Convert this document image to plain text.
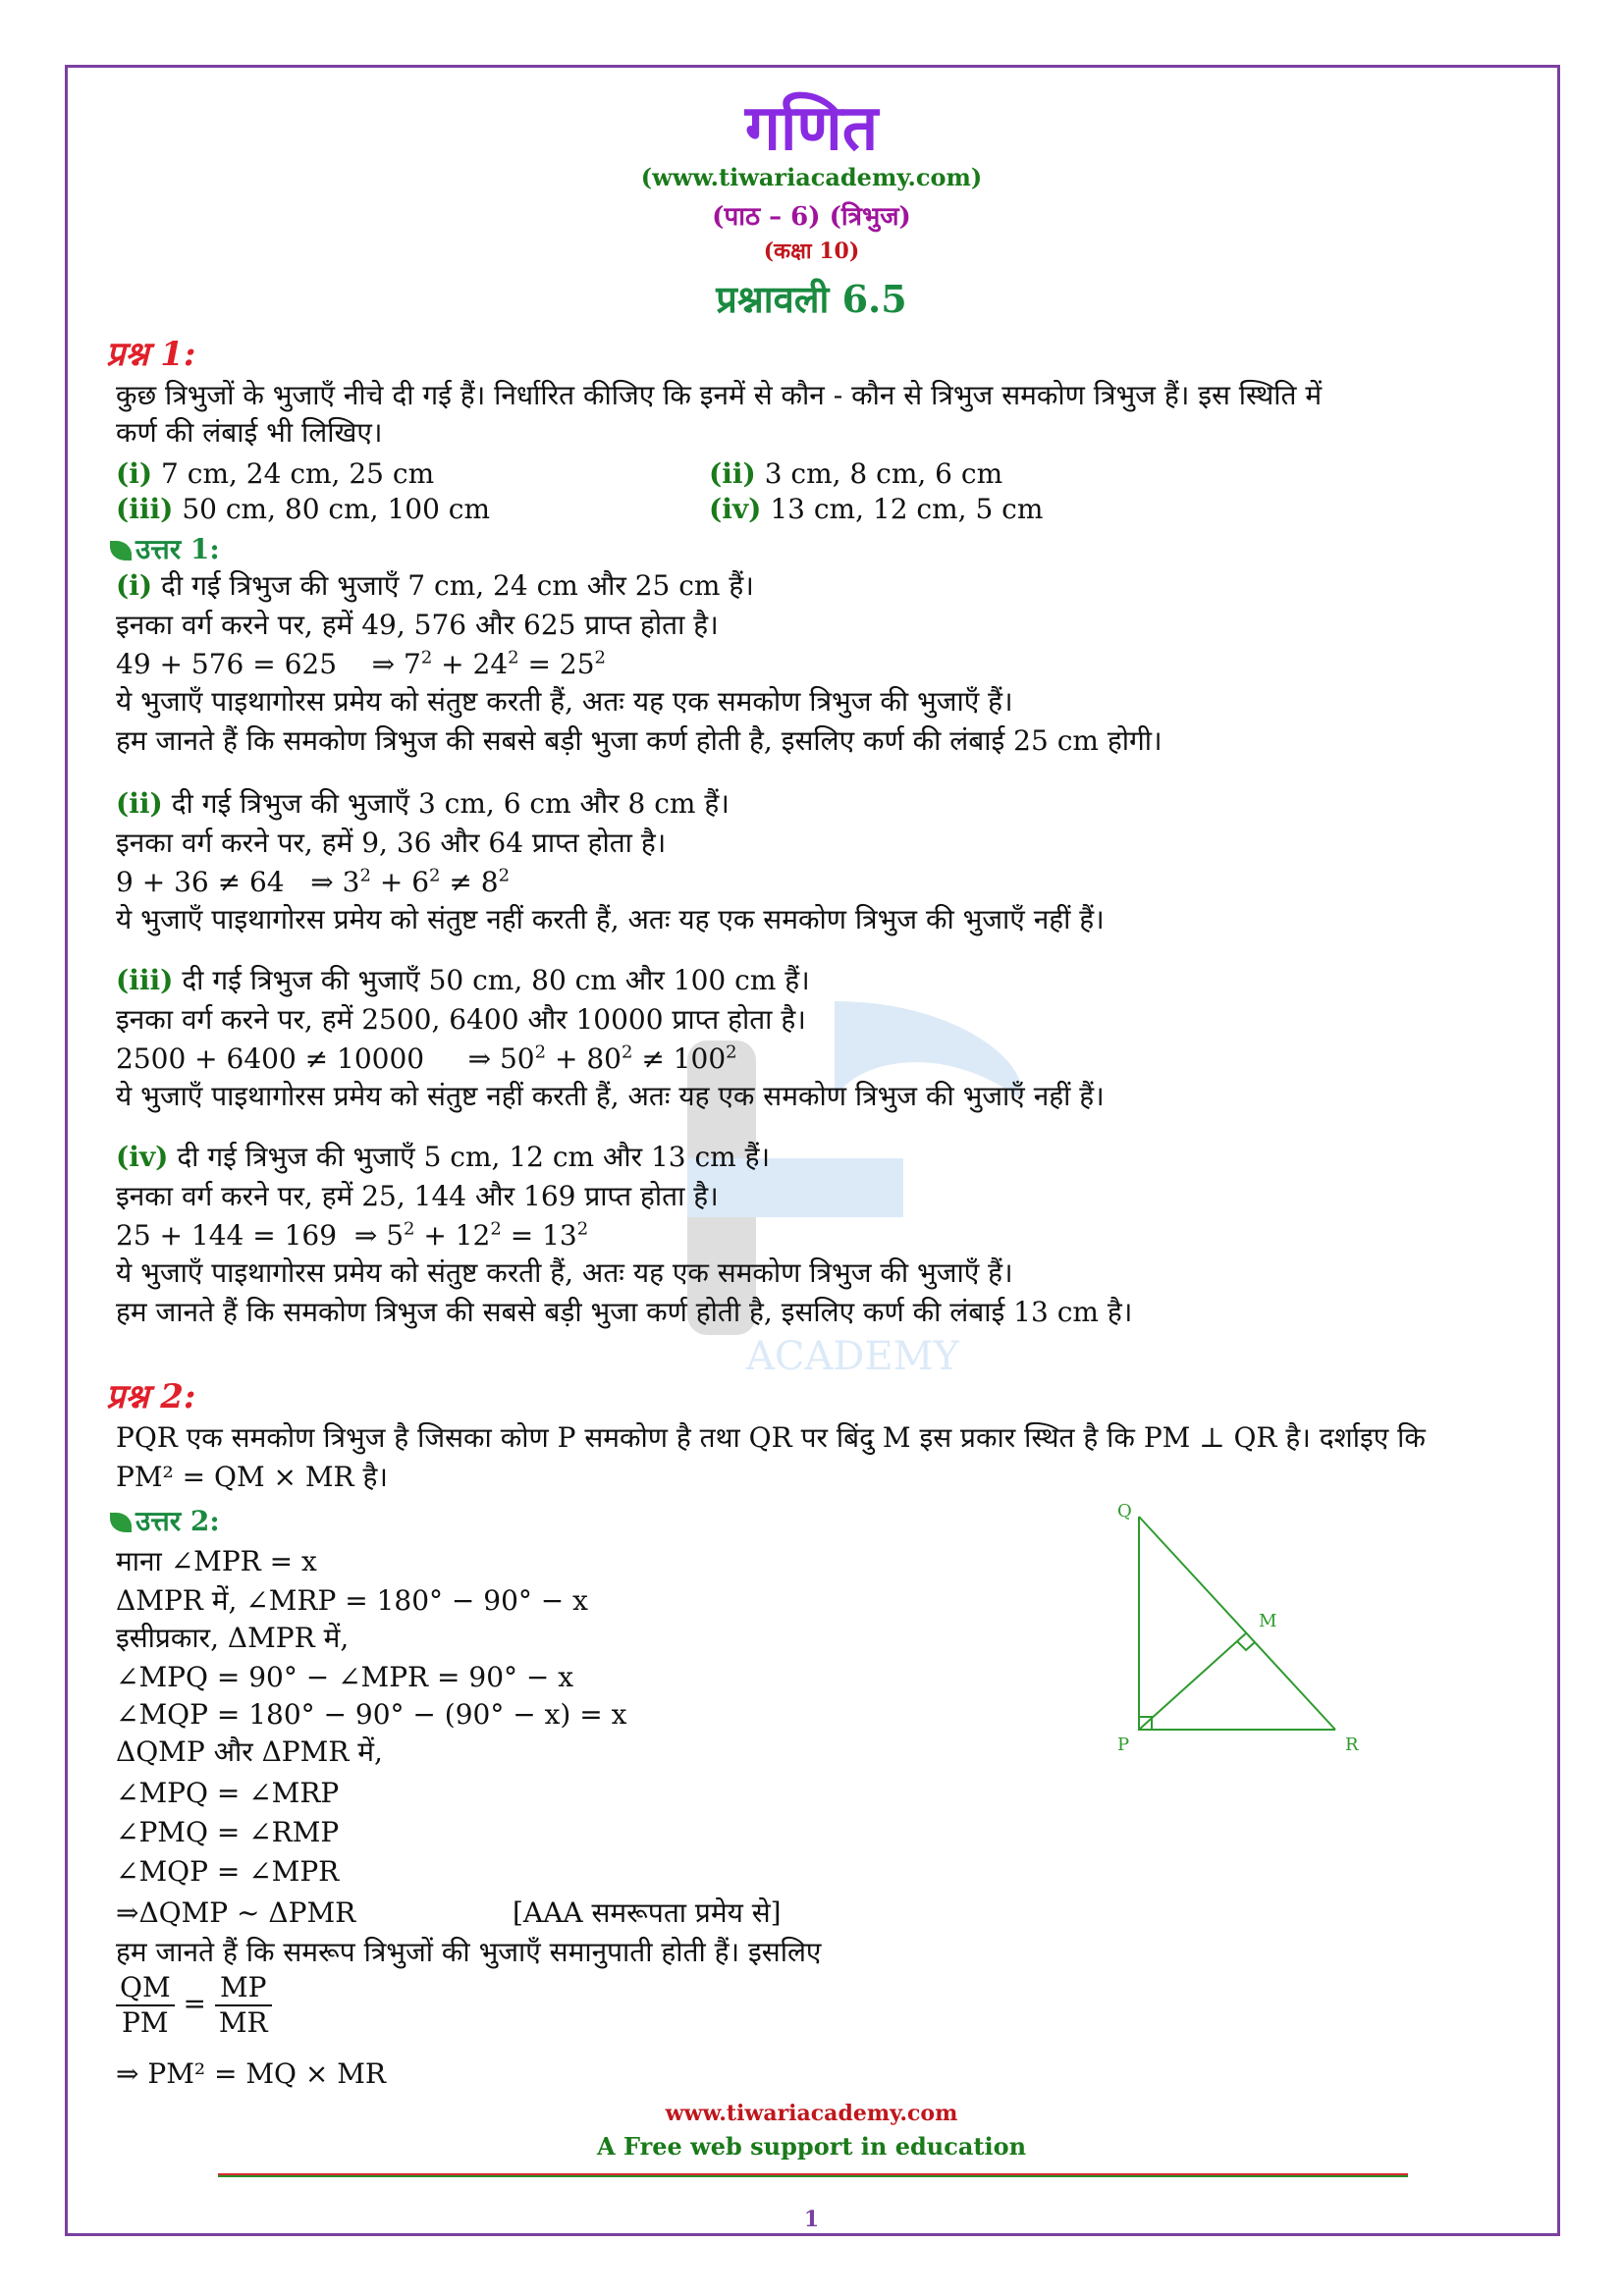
ACADEMY
गणित
(www.tiwariacademy.com)
(पाठ – 6) (त्रिभुज)
(कक्षा 10)
प्रश्नावली 6.5
प्रश्न 1:
कुछ त्रिभुजों के भुजाएँ नीचे दी गई हैं। निर्धारित कीजिए कि इनमें से कौन - कौन से त्रिभुज समकोण त्रिभुज हैं। इस स्थिति में
कर्ण की लंबाई भी लिखिए।
(i) 7 cm, 24 cm, 25 cm	(ii) 3 cm, 8 cm, 6 cm
(iii) 50 cm, 80 cm, 100 cm	(iv) 13 cm, 12 cm, 5 cm
उत्तर 1:
(i) दी गई त्रिभुज की भुजाएँ 7 cm, 24 cm और 25 cm हैं।
इनका वर्ग करने पर, हमें 49, 576 और 625 प्राप्त होता है।
49 + 576 = 625    ⇒ $7^2 + 24^2 = 25^2$
ये भुजाएँ पाइथागोरस प्रमेय को संतुष्ट करती हैं, अतः यह एक समकोण त्रिभुज की भुजाएँ हैं।
हम जानते हैं कि समकोण त्रिभुज की सबसे बड़ी भुजा कर्ण होती है, इसलिए कर्ण की लंबाई 25 cm होगी।
(ii) दी गई त्रिभुज की भुजाएँ 3 cm, 6 cm और 8 cm हैं।
इनका वर्ग करने पर, हमें 9, 36 और 64 प्राप्त होता है।
9 + 36 ≠ 64   ⇒ $3^2 + 6^2 \ne 8^2$
ये भुजाएँ पाइथागोरस प्रमेय को संतुष्ट नहीं करती हैं, अतः यह एक समकोण त्रिभुज की भुजाएँ नहीं हैं।
(iii) दी गई त्रिभुज की भुजाएँ 50 cm, 80 cm और 100 cm हैं।
इनका वर्ग करने पर, हमें 2500, 6400 और 10000 प्राप्त होता है।
2500 + 6400 ≠ 10000     ⇒ $50^2 + 80^2 \ne 100^2$
ये भुजाएँ पाइथागोरस प्रमेय को संतुष्ट नहीं करती हैं, अतः यह एक समकोण त्रिभुज की भुजाएँ नहीं हैं।
(iv) दी गई त्रिभुज की भुजाएँ 5 cm, 12 cm और 13 cm हैं।
इनका वर्ग करने पर, हमें 25, 144 और 169 प्राप्त होता है।
25 + 144 = 169  ⇒ $5^2 + 12^2 = 13^2$
ये भुजाएँ पाइथागोरस प्रमेय को संतुष्ट करती हैं, अतः यह एक समकोण त्रिभुज की भुजाएँ हैं।
हम जानते हैं कि समकोण त्रिभुज की सबसे बड़ी भुजा कर्ण होती है, इसलिए कर्ण की लंबाई 13 cm है।
प्रश्न 2:
PQR एक समकोण त्रिभुज है जिसका कोण P समकोण है तथा QR पर बिंदु M इस प्रकार स्थित है कि PM ⊥ QR है। दर्शाइए कि
PM² = QM × MR है।
उत्तर 2:
माना ∠MPR = x
ΔMPR में, ∠MRP = 180° − 90° − x
इसीप्रकार, ΔMPR में,
∠MPQ = 90° − ∠MPR = 90° − x
∠MQP = 180° − 90° − (90° − x) = x
ΔQMP और ΔPMR में,
∠MPQ = ∠MRP
∠PMQ = ∠RMP
∠MQP = ∠MPR
⇒ΔQMP ~ ΔPMR	[AAA समरूपता प्रमेय से]
हम जानते हैं कि समरूप त्रिभुजों की भुजाएँ समानुपाती होती हैं। इसलिए
$\frac{QM}{PM} = \frac{MP}{MR}$
⇒ PM² = MQ × MR
Q
M
P	R
www.tiwariacademy.com
A Free web support in education
1
